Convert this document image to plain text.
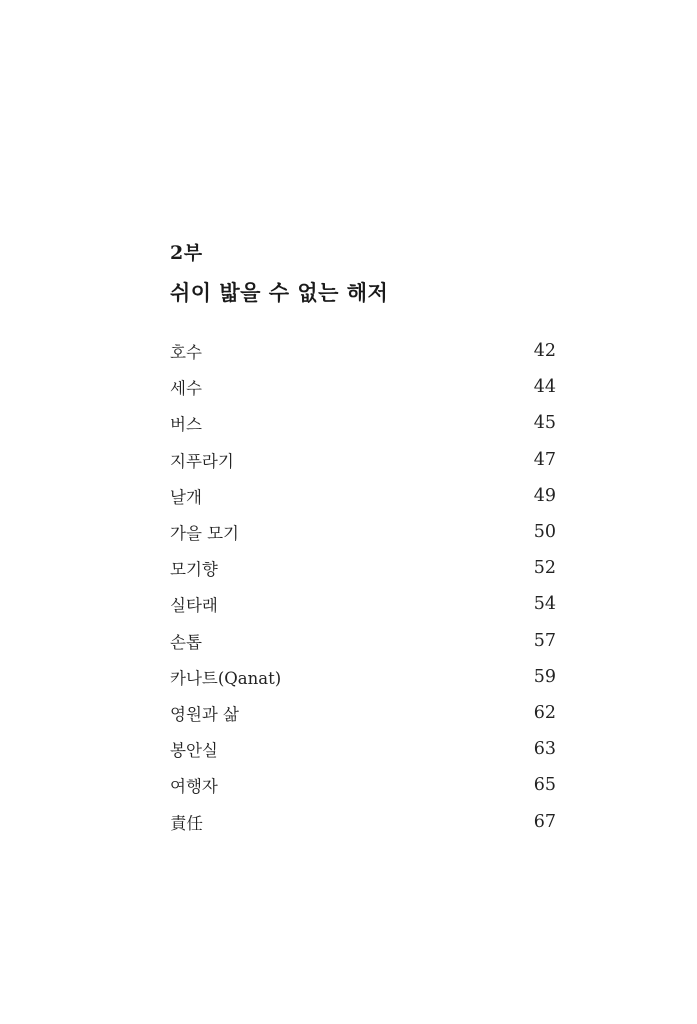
2부
쉬이 밟을 수 없는 해저
호수	42
세수	44
버스	45
지푸라기	47
날개	49
가을 모기	50
모기향	52
실타래	54
손톱	57
카나트(Qanat)	59
영원과 삶	62
봉안실	63
여행자	65
責任	67
